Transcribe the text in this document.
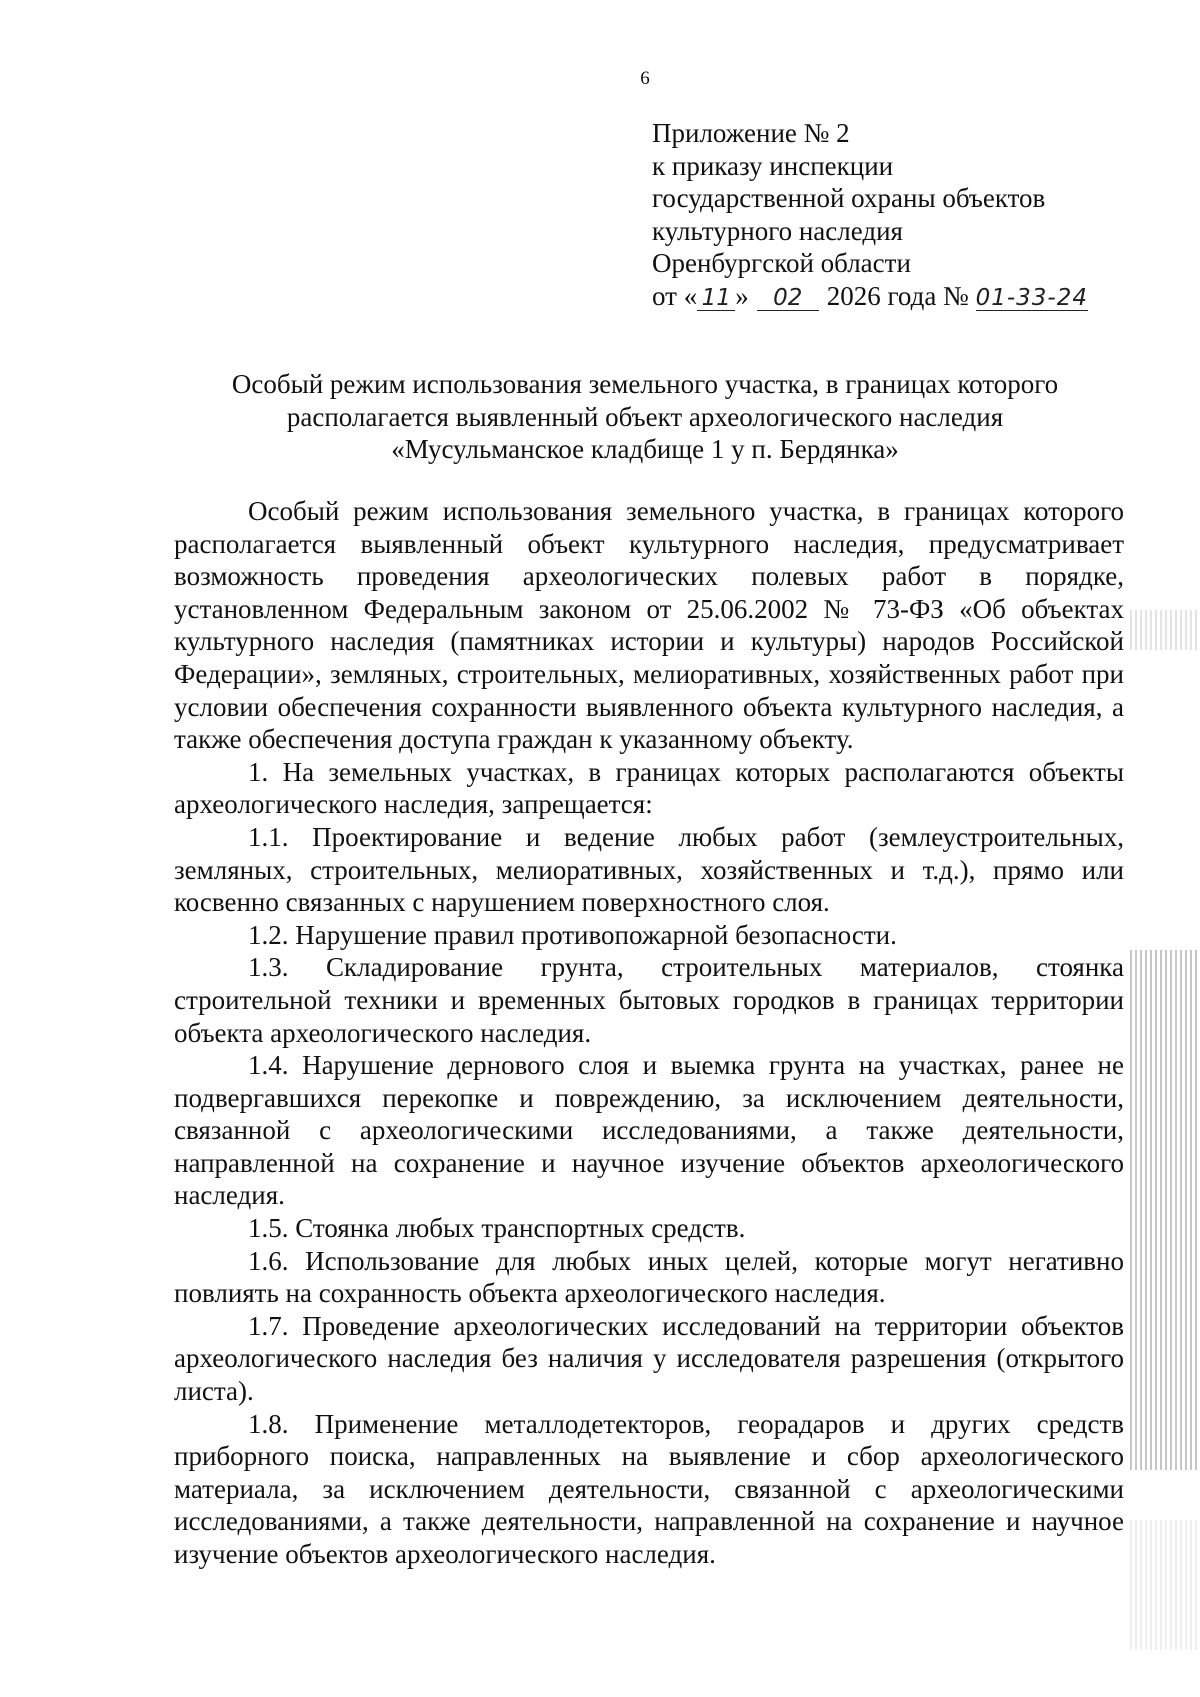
6
Приложение № 2
к приказу инспекции
государственной охраны объектов
культурного наследия
Оренбургской области
от « 11 » 02 2026 года № 01-33-24
Особый режим использования земельного участка, в границах которого
располагается выявленный объект археологического наследия
«Мусульманское кладбище 1 у п. Бердянка»

Особый режим использования земельного участка, в границах которого располагается выявленный объект культурного наследия, предусматривает возможность проведения археологических полевых работ в порядке, установленном Федеральным законом от 25.06.2002 № 73-ФЗ «Об объектах культурного наследия (памятниках истории и культуры) народов Российской Федерации», земляных, строительных, мелиоративных, хозяйственных работ при условии обеспечения сохранности выявленного объекта культурного наследия, а также обеспечения доступа граждан к указанному объекту.

1. На земельных участках, в границах которых располагаются объекты археологического наследия, запрещается:

1.1. Проектирование и ведение любых работ (землеустроительных, земляных, строительных, мелиоративных, хозяйственных и т.д.), прямо или косвенно связанных с нарушением поверхностного слоя.

1.2. Нарушение правил противопожарной безопасности.

1.3. Складирование грунта, строительных материалов, стоянка строительной техники и временных бытовых городков в границах территории объекта археологического наследия.

1.4. Нарушение дернового слоя и выемка грунта на участках, ранее не подвергавшихся перекопке и повреждению, за исключением деятельности, связанной с археологическими исследованиями, а также деятельности, направленной на сохранение и научное изучение объектов археологического наследия.

1.5. Стоянка любых транспортных средств.

1.6. Использование для любых иных целей, которые могут негативно повлиять на сохранность объекта археологического наследия.

1.7. Проведение археологических исследований на территории объектов археологического наследия без наличия у исследователя разрешения (открытого листа).

1.8. Применение металлодетекторов, георадаров и других средств приборного поиска, направленных на выявление и сбор археологического материала, за исключением деятельности, связанной с археологическими исследованиями, а также деятельности, направленной на сохранение и научное изучение объектов археологического наследия.
